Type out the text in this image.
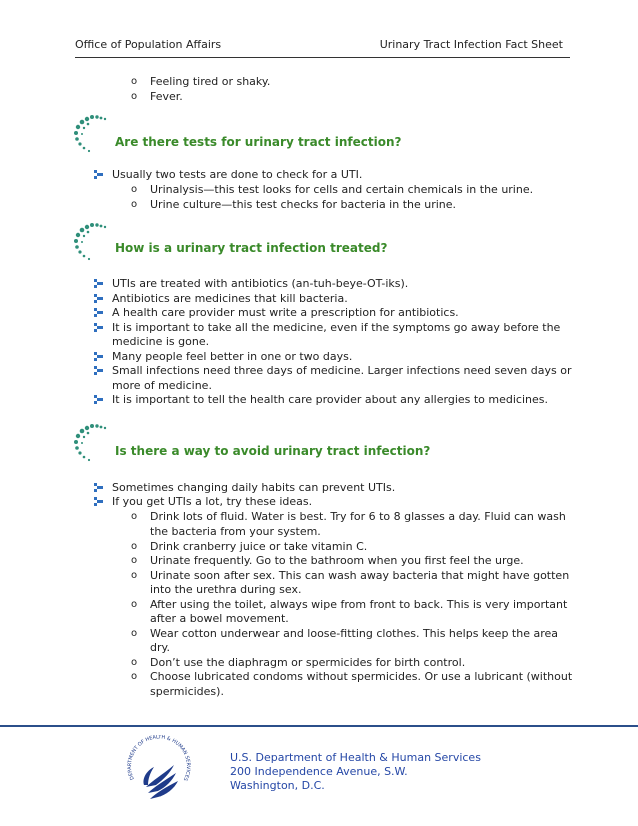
Office of Population Affairs	Urinary Tract Infection Fact Sheet
o Feeling tired or shaky.
o Fever.
Are there tests for urinary tract infection?
Usually two tests are done to check for a UTI.
o Urinalysis—this test looks for cells and certain chemicals in the urine.
o Urine culture—this test checks for bacteria in the urine.
How is a urinary tract infection treated?
UTIs are treated with antibiotics (an-tuh-beye-OT-iks).
Antibiotics are medicines that kill bacteria.
A health care provider must write a prescription for antibiotics.
It is important to take all the medicine, even if the symptoms go away before the
medicine is gone.
Many people feel better in one or two days.
Small infections need three days of medicine. Larger infections need seven days or
more of medicine.
It is important to tell the health care provider about any allergies to medicines.
Is there a way to avoid urinary tract infection?
Sometimes changing daily habits can prevent UTIs.
If you get UTIs a lot, try these ideas.
o Drink lots of fluid. Water is best. Try for 6 to 8 glasses a day. Fluid can wash
the bacteria from your system.
o Drink cranberry juice or take vitamin C.
o Urinate frequently. Go to the bathroom when you first feel the urge.
o Urinate soon after sex. This can wash away bacteria that might have gotten
into the urethra during sex.
o After using the toilet, always wipe from front to back. This is very important
after a bowel movement.
o Wear cotton underwear and loose-fitting clothes. This helps keep the area
dry.
o Don’t use the diaphragm or spermicides for birth control.
o Choose lubricated condoms without spermicides. Or use a lubricant (without
spermicides).
DEPARTMENT OF HEALTH & HUMAN SERVICES
U.S. Department of Health & Human Services
200 Independence Avenue, S.W.
Washington, D.C.
